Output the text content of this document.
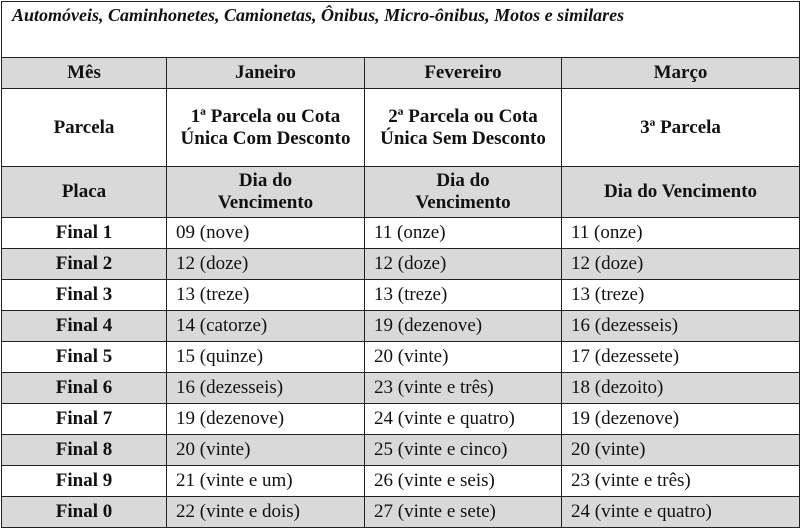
Automóveis, Caminhonetes, Camionetas, Ônibus, Micro-ônibus, Motos e similares			
Mês	Janeiro	Fevereiro	Março
Parcela	1ª Parcela ou Cota Única Com Desconto	2ª Parcela ou Cota Única Sem Desconto	3ª Parcela
Placa	Dia do Vencimento	Dia do Vencimento	Dia do Vencimento
Final 1	09 (nove)	11 (onze)	11 (onze)
Final 2	12 (doze)	12 (doze)	12 (doze)
Final 3	13 (treze)	13 (treze)	13 (treze)
Final 4	14 (catorze)	19 (dezenove)	16 (dezesseis)
Final 5	15 (quinze)	20 (vinte)	17 (dezessete)
Final 6	16 (dezesseis)	23 (vinte e três)	18 (dezoito)
Final 7	19 (dezenove)	24 (vinte e quatro)	19 (dezenove)
Final 8	20 (vinte)	25 (vinte e cinco)	20 (vinte)
Final 9	21 (vinte e um)	26 (vinte e seis)	23 (vinte e três)
Final 0	22 (vinte e dois)	27 (vinte e sete)	24 (vinte e quatro)
